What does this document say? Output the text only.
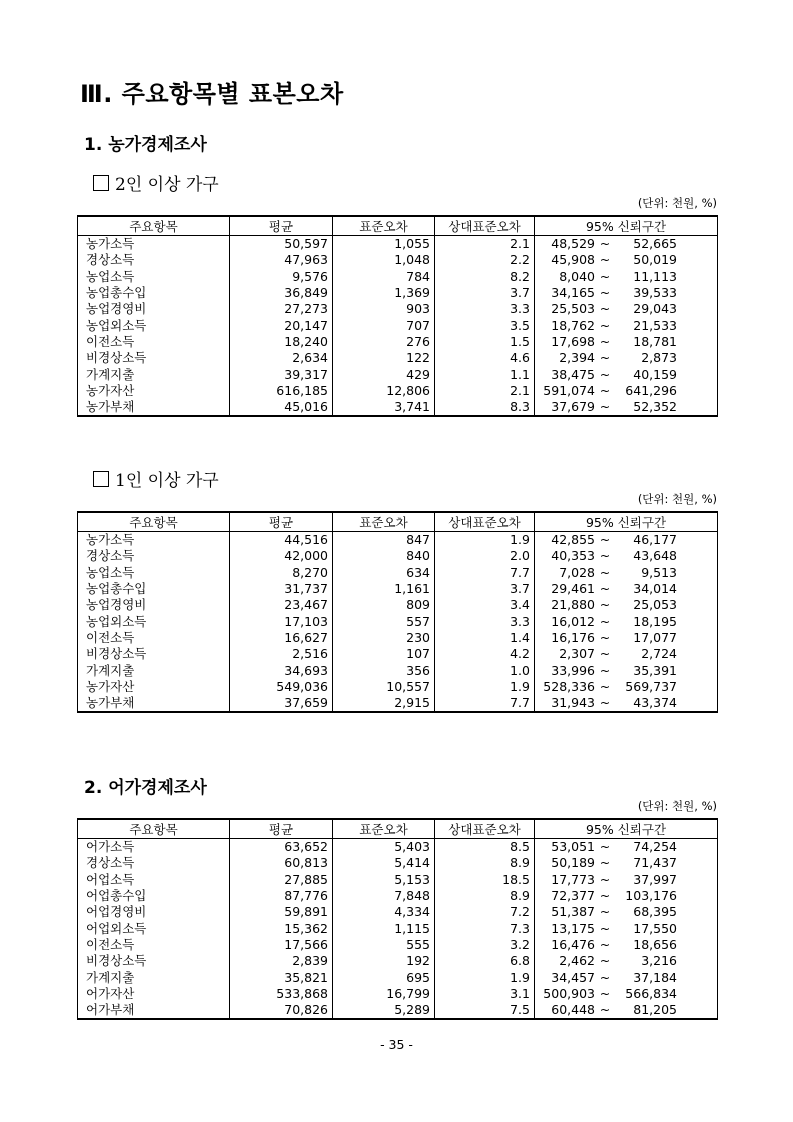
Ⅲ. 주요항목별 표본오차
1. 농가경제조사
2인 이상 가구
(단위: 천원, %)
주요항목	평균	표준오차	상대표준오차	95% 신뢰구간
농가소득	50,597	1,055	2.1	48,529 ~ 52,665
경상소득	47,963	1,048	2.2	45,908 ~ 50,019
농업소득	9,576	784	8.2	8,040 ~ 11,113
농업총수입	36,849	1,369	3.7	34,165 ~ 39,533
농업경영비	27,273	903	3.3	25,503 ~ 29,043
농업외소득	20,147	707	3.5	18,762 ~ 21,533
이전소득	18,240	276	1.5	17,698 ~ 18,781
비경상소득	2,634	122	4.6	2,394 ~ 2,873
가계지출	39,317	429	1.1	38,475 ~ 40,159
농가자산	616,185	12,806	2.1	591,074 ~ 641,296
농가부채	45,016	3,741	8.3	37,679 ~ 52,352
1인 이상 가구
(단위: 천원, %)
주요항목	평균	표준오차	상대표준오차	95% 신뢰구간
농가소득	44,516	847	1.9	42,855 ~ 46,177
경상소득	42,000	840	2.0	40,353 ~ 43,648
농업소득	8,270	634	7.7	7,028 ~ 9,513
농업총수입	31,737	1,161	3.7	29,461 ~ 34,014
농업경영비	23,467	809	3.4	21,880 ~ 25,053
농업외소득	17,103	557	3.3	16,012 ~ 18,195
이전소득	16,627	230	1.4	16,176 ~ 17,077
비경상소득	2,516	107	4.2	2,307 ~ 2,724
가계지출	34,693	356	1.0	33,996 ~ 35,391
농가자산	549,036	10,557	1.9	528,336 ~ 569,737
농가부채	37,659	2,915	7.7	31,943 ~ 43,374
2. 어가경제조사
(단위: 천원, %)
주요항목	평균	표준오차	상대표준오차	95% 신뢰구간
어가소득	63,652	5,403	8.5	53,051 ~ 74,254
경상소득	60,813	5,414	8.9	50,189 ~ 71,437
어업소득	27,885	5,153	18.5	17,773 ~ 37,997
어업총수입	87,776	7,848	8.9	72,377 ~ 103,176
어업경영비	59,891	4,334	7.2	51,387 ~ 68,395
어업외소득	15,362	1,115	7.3	13,175 ~ 17,550
이전소득	17,566	555	3.2	16,476 ~ 18,656
비경상소득	2,839	192	6.8	2,462 ~ 3,216
가계지출	35,821	695	1.9	34,457 ~ 37,184
어가자산	533,868	16,799	3.1	500,903 ~ 566,834
어가부채	70,826	5,289	7.5	60,448 ~ 81,205
- 35 -
